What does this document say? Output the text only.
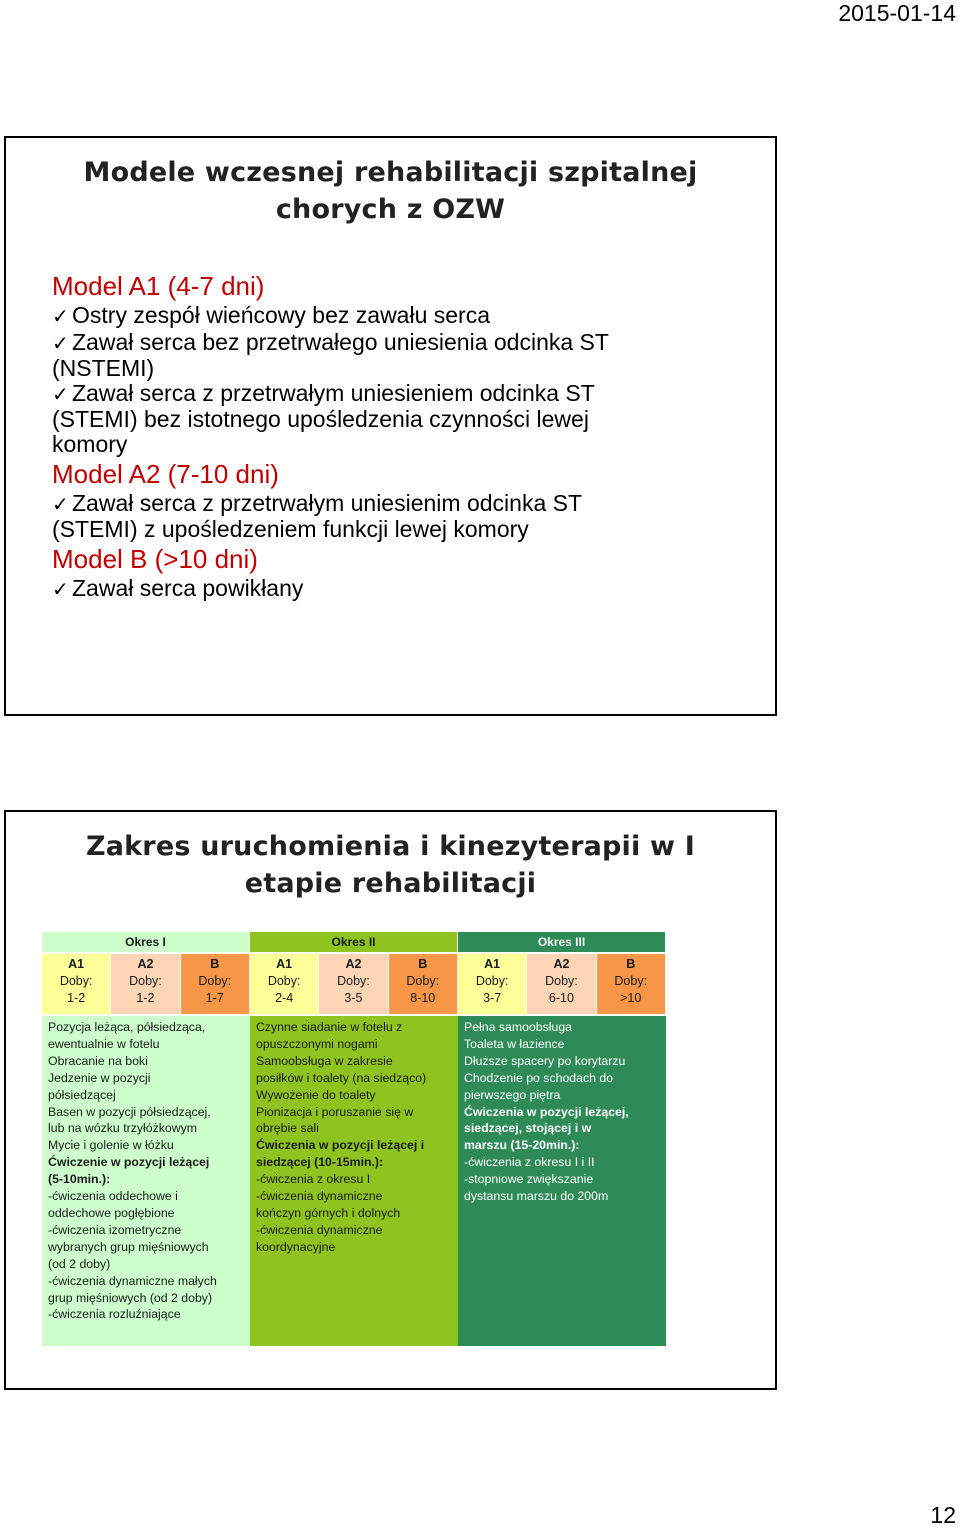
2015-01-14
Modele wczesnej rehabilitacji szpitalnej
chorych z OZW
Model A1 (4-7 dni)
✓ Ostry zespół wieńcowy bez zawału serca
✓ Zawał serca bez przetrwałego uniesienia odcinka ST
(NSTEMI)
✓ Zawał serca z przetrwałym uniesieniem odcinka ST
(STEMI) bez istotnego upośledzenia czynności lewej
komory
Model A2 (7-10 dni)
✓ Zawał serca z przetrwałym uniesienim odcinka ST
(STEMI) z upośledzeniem funkcji lewej komory
Model B (>10 dni)
✓ Zawał serca powikłany
Zakres uruchomienia i kinezyterapii w I
etapie rehabilitacji
Okres I	Okres II	Okres III
A1
Doby:
1-2
A2
Doby:
1-2
B
Doby:
1-7
A1
Doby:
2-4
A2
Doby:
3-5
B
Doby:
8-10
A1
Doby:
3-7
A2
Doby:
6-10
B
Doby:
>10
Pozycja leżąca, półsiedząca,
ewentualnie w fotelu
Obracanie na boki
Jedzenie w pozycji
półsiedzącej
Basen w pozycji półsiedzącej,
lub na wózku trzyłóżkowym
Mycie i golenie w łóżku
Ćwiczenie w pozycji leżącej
(5-10min.):
-ćwiczenia oddechowe i
oddechowe pogłębione
-ćwiczenia izometryczne
wybranych grup mięśniowych
(od 2 doby)
-ćwiczenia dynamiczne małych
grup mięśniowych (od 2 doby)
-ćwiczenia rozluźniające
Czynne siadanie w fotelu z
opuszczonymi nogami
Samoobsługa w zakresie
posiłków i toalety (na siedząco)
Wywożenie do toalety
Pionizacja i poruszanie się w
obrębie sali
Ćwiczenia w pozycji leżącej i
siedzącej (10-15min.):
-ćwiczenia z okresu I
-ćwiczenia dynamiczne
kończyn górnych i dolnych
-ćwiczenia dynamiczne
koordynacyjne
Pełna samoobsługa
Toaleta w łazience
Dłuższe spacery po korytarzu
Chodzenie po schodach do
pierwszego piętra
Ćwiczenia w pozycji leżącej,
siedzącej, stojącej i w
marszu (15-20min.):
-ćwiczenia z okresu I i II
-stopniowe zwiększanie
dystansu marszu do 200m
12
